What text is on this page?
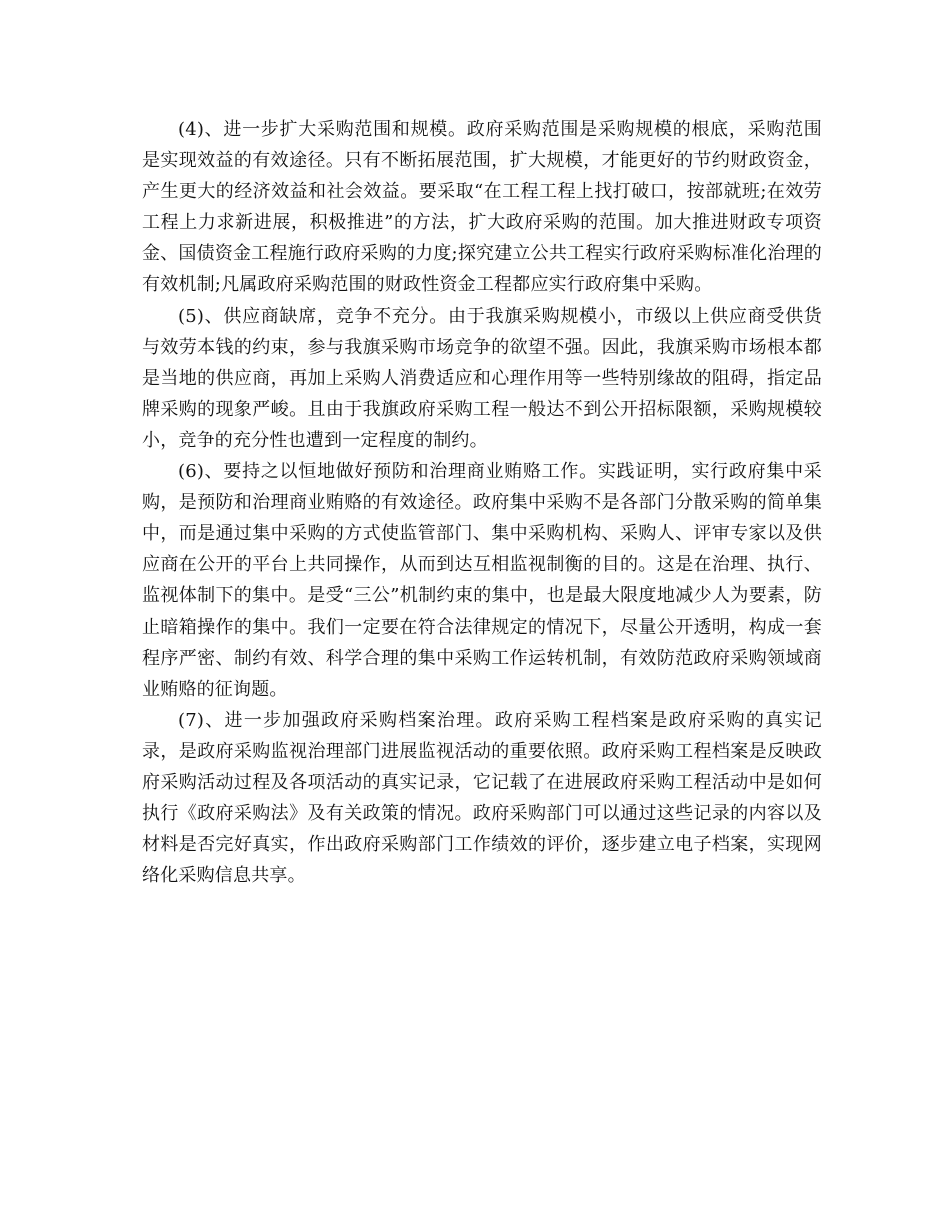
(4)、进一步扩大采购范围和规模。政府采购范围是采购规模的根底，采购范围是实现效益的有效途径。只有不断拓展范围，扩大规模，才能更好的节约财政资金，产生更大的经济效益和社会效益。要采取“在工程工程上找打破口，按部就班;在效劳工程上力求新进展，积极推进”的方法，扩大政府采购的范围。加大推进财政专项资金、国债资金工程施行政府采购的力度;探究建立公共工程实行政府采购标准化治理的有效机制;凡属政府采购范围的财政性资金工程都应实行政府集中采购。

(5)、供应商缺席，竞争不充分。由于我旗采购规模小，市级以上供应商受供货与效劳本钱的约束，参与我旗采购市场竞争的欲望不强。因此，我旗采购市场根本都是当地的供应商，再加上采购人消费适应和心理作用等一些特别缘故的阻碍，指定品牌采购的现象严峻。且由于我旗政府采购工程一般达不到公开招标限额，采购规模较小，竞争的充分性也遭到一定程度的制约。

(6)、要持之以恒地做好预防和治理商业贿赂工作。实践证明，实行政府集中采购，是预防和治理商业贿赂的有效途径。政府集中采购不是各部门分散采购的简单集中，而是通过集中采购的方式使监管部门、集中采购机构、采购人、评审专家以及供应商在公开的平台上共同操作，从而到达互相监视制衡的目的。这是在治理、执行、监视体制下的集中。是受“三公”机制约束的集中，也是最大限度地减少人为要素，防止暗箱操作的集中。我们一定要在符合法律规定的情况下，尽量公开透明，构成一套程序严密、制约有效、科学合理的集中采购工作运转机制，有效防范政府采购领域商业贿赂的征询题。

(7)、进一步加强政府采购档案治理。政府采购工程档案是政府采购的真实记录，是政府采购监视治理部门进展监视活动的重要依照。政府采购工程档案是反映政府采购活动过程及各项活动的真实记录，它记载了在进展政府采购工程活动中是如何执行《政府采购法》及有关政策的情况。政府采购部门可以通过这些记录的内容以及材料是否完好真实，作出政府采购部门工作绩效的评价，逐步建立电子档案，实现网络化采购信息共享。
